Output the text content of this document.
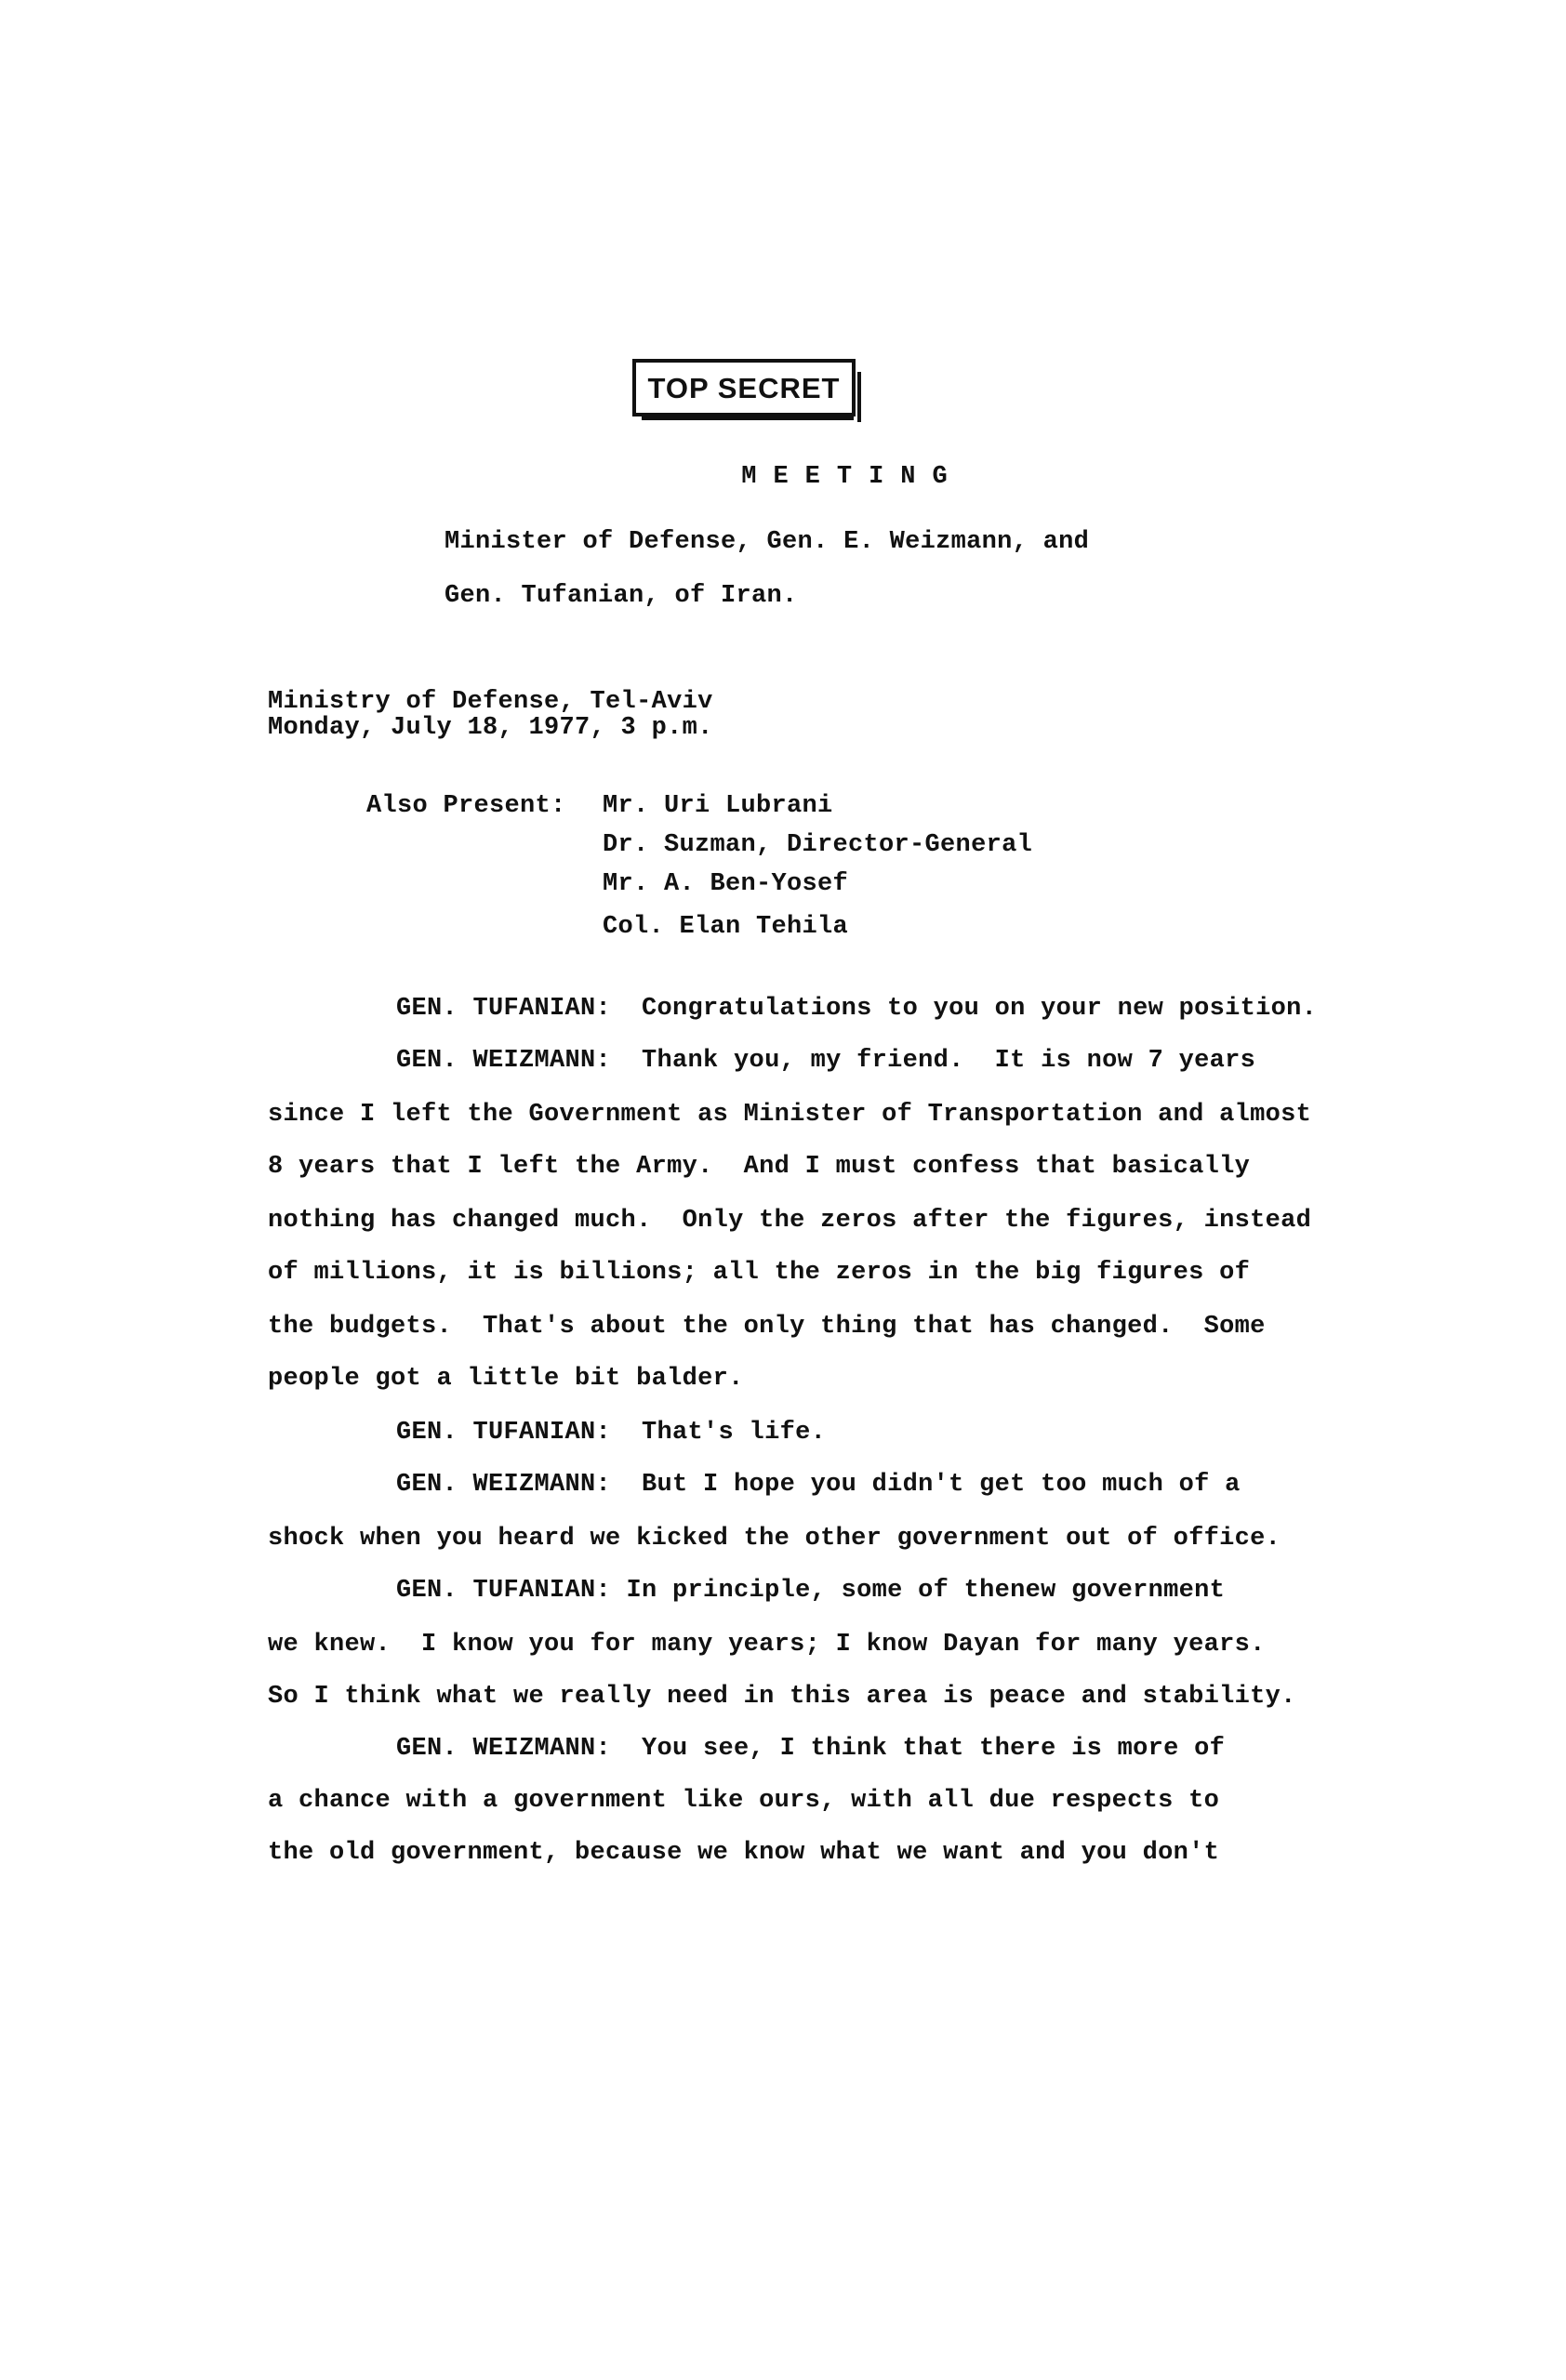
TOP SECRET
MEETING
Minister of Defense, Gen. E. Weizmann, and
Gen. Tufanian, of Iran.
Ministry of Defense, Tel-Aviv
Monday, July 18, 1977, 3 p.m.
Also Present: Mr. Uri Lubrani
Dr. Suzman, Director-General
Mr. A. Ben-Yosef
Col. Elan Tehila
GEN. TUFANIAN:  Congratulations to you on your new position.
GEN. WEIZMANN:  Thank you, my friend.  It is now 7 years
since I left the Government as Minister of Transportation and almost
8 years that I left the Army.  And I must confess that basically
nothing has changed much.  Only the zeros after the figures, instead
of millions, it is billions; all the zeros in the big figures of
the budgets.  That's about the only thing that has changed.  Some
people got a little bit balder.
GEN. TUFANIAN:  That's life.
GEN. WEIZMANN:  But I hope you didn't get too much of a
shock when you heard we kicked the other government out of office.
GEN. TUFANIAN: In principle, some of thenew government
we knew.  I know you for many years; I know Dayan for many years.
So I think what we really need in this area is peace and stability.
GEN. WEIZMANN:  You see, I think that there is more of
a chance with a government like ours, with all due respects to
the old government, because we know what we want and you don't
